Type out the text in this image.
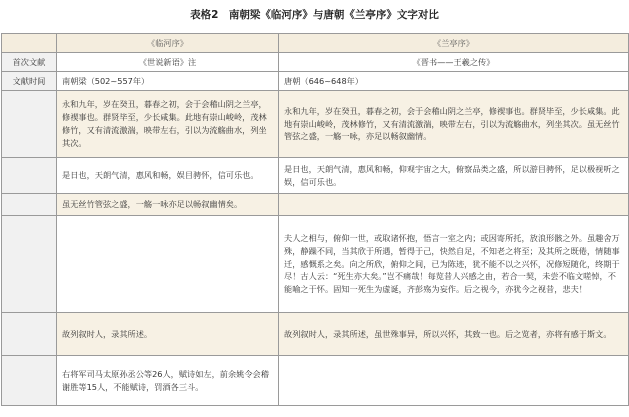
表格2　南朝梁《临河序》与唐朝《兰亭序》文字对比
	《临河序》	《兰亭序》
首次文献	《世说新语》注	《晋书——王羲之传》
文献时间	南朝梁（502~557年）	唐朝（646~648年）
	永和九年，岁在癸丑，暮春之初，会于会稽山阴之兰亭，修禊事也。群贤毕至，少长咸集。此地有崇山峻岭，茂林修竹，又有清流激湍，映带左右，引以为流觞曲水，列坐其次。	永和九年，岁在癸丑，暮春之初，会于会稽山阴之兰亭，修禊事也。群贤毕至，少长咸集。此地有崇山峻岭，茂林修竹，又有清流激湍，映带左右，引以为流觞曲水，列坐其次。虽无丝竹管弦之盛，一觞一咏，亦足以畅叙幽情。
	是日也，天朗气清，惠风和畅，娱目骋怀，信可乐也。	是日也，天朗气清，惠风和畅，仰观宇宙之大，俯察品类之盛，所以游目骋怀，足以极视听之娱，信可乐也。
	虽无丝竹管弦之盛，一觞一咏亦足以畅叙幽情矣。	
		夫人之相与，俯仰一世，或取诸怀抱，悟言一室之内；或因寄所托，放浪形骸之外。虽趣舍万殊，静躁不同，当其欣于所遇，暂得于己，快然自足，不知老之将至；及其所之既倦，情随事迁，感慨系之矣。向之所欣，俯仰之间，已为陈迹，犹不能不以之兴怀，况修短随化，终期于尽！古人云：“死生亦大矣。”岂不痛哉！每览昔人兴感之由，若合一契，未尝不临文嗟悼，不能喻之于怀。固知一死生为虚诞，齐彭殇为妄作。后之视今，亦犹今之视昔，悲夫！
	故列叙时人，录其所述。	故列叙时人，录其所述，虽世殊事异，所以兴怀，其致一也。后之览者，亦将有感于斯文。
	右将军司马太原孙丞公等26人，赋诗如左，前余姚令会稽谢胜等15人，不能赋诗，罚酒各三斗。	
